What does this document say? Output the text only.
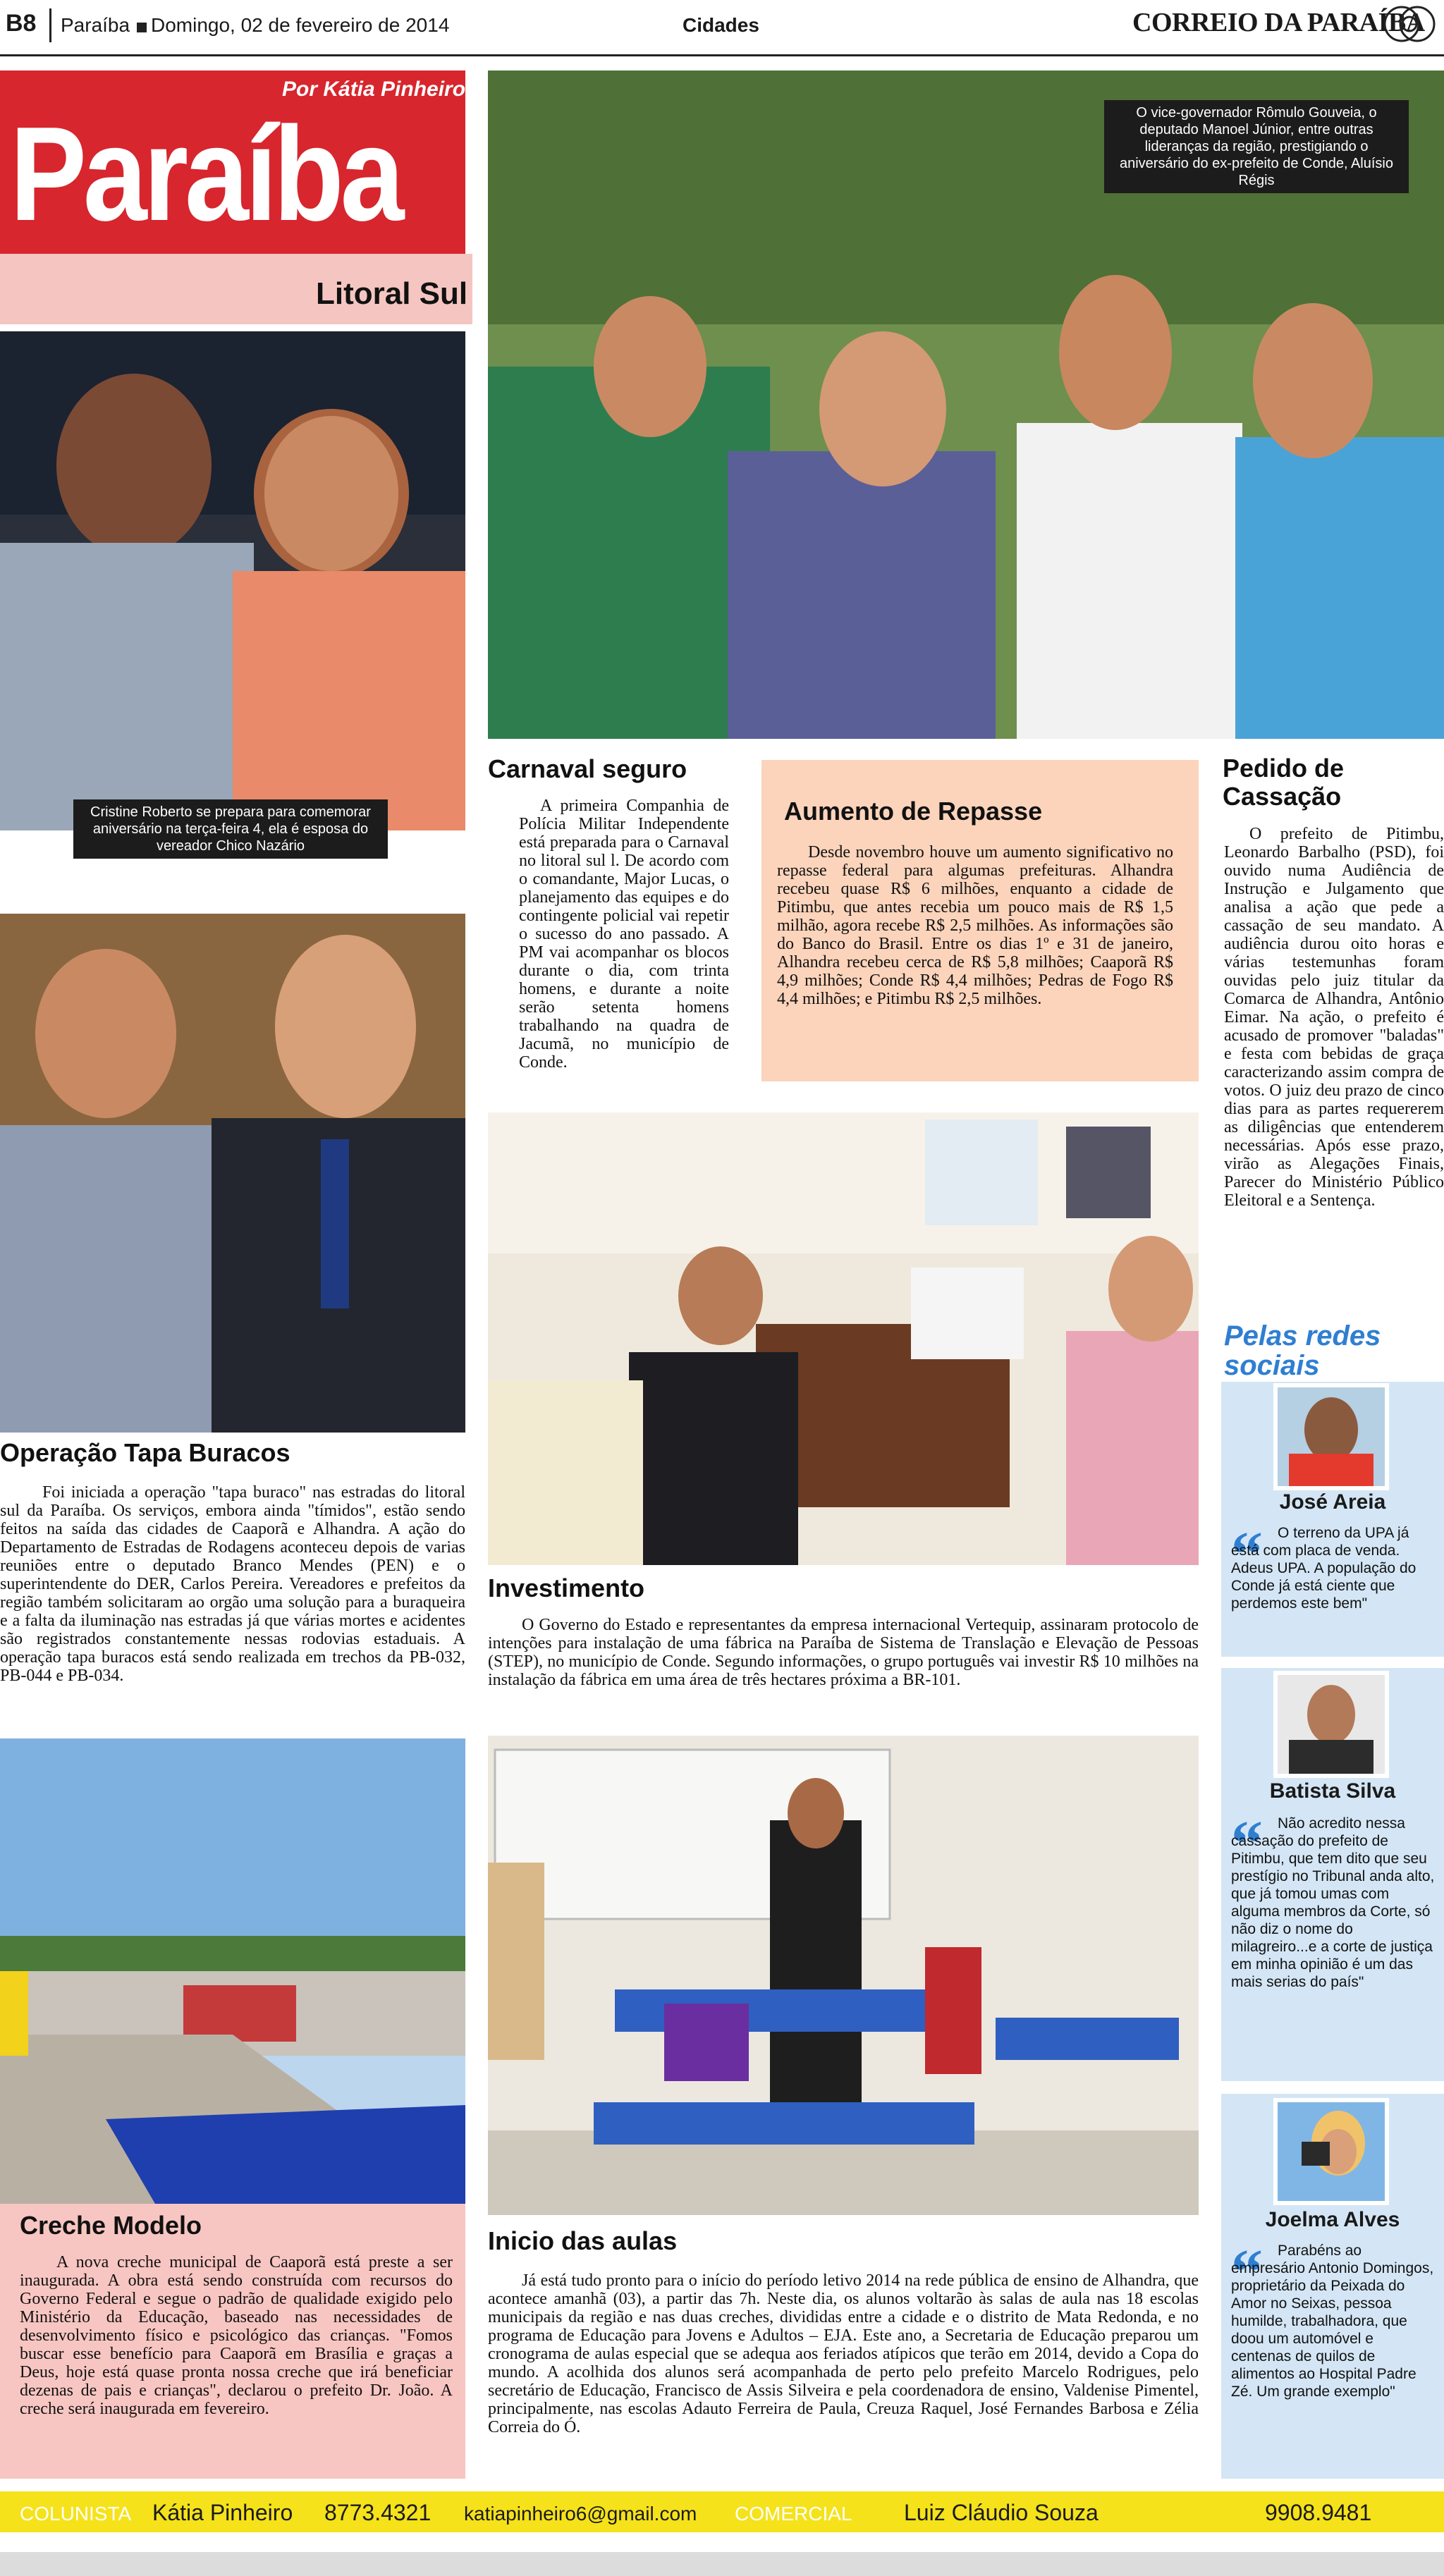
B8 Paraíba Domingo, 02 de fevereiro de 2014	Cidades	CORREIO DA PARAÍBA
Por Kátia Pinheiro
Paraíba
Litoral Sul
Cristine Roberto se prepara para comemorar aniversário na terça-feira 4, ela é esposa do vereador Chico Nazário
O vice-governador Rômulo Gouveia, o deputado Manoel Júnior, entre outras lideranças da região, prestigiando o aniversário do ex-prefeito de Conde, Aluísio Régis
Carnaval seguro
A primeira Companhia de Polícia Militar Independente está preparada para o Carnaval no litoral sul l. De acordo com o comandante, Major Lucas, o planejamento das equipes e do contingente policial vai repetir o sucesso do ano passado. A PM vai acompanhar os blocos durante o dia, com trinta homens, e durante a noite serão setenta homens trabalhando na quadra de Jacumã, no município de Conde.
Aumento de Repasse
Desde novembro houve um aumento significativo no repasse federal para algumas prefeituras. Alhandra recebeu quase R$ 6 milhões, enquanto a cidade de Pitimbu, que antes recebia um pouco mais de R$ 1,5 milhão, agora recebe R$ 2,5 milhões. As informações são do Banco do Brasil. Entre os dias 1º e 31 de janeiro, Alhandra recebeu cerca de R$ 5,8 milhões; Caaporã R$ 4,9 milhões; Conde R$ 4,4 milhões; Pedras de Fogo R$ 4,4 milhões; e Pitimbu R$ 2,5 milhões.
Pedido de Cassação
O prefeito de Pitimbu, Leonardo Barbalho (PSD), foi ouvido numa Audiência de Instrução e Julgamento que analisa a ação que pede a cassação de seu mandato. A audiência durou oito horas e várias testemunhas foram ouvidas pelo juiz titular da Comarca de Alhandra, Antônio Eimar. Na ação, o prefeito é acusado de promover "baladas" e festa com bebidas de graça caracterizando assim compra de votos. O juiz deu prazo de cinco dias para as partes requererem as diligências que entenderem necessárias. Após esse prazo, virão as Alegações Finais, Parecer do Ministério Público Eleitoral e a Sentença.
Operação Tapa Buracos
Foi iniciada a operação "tapa buraco" nas estradas do litoral sul da Paraíba. Os serviços, embora ainda "tímidos", estão sendo feitos na saída das cidades de Caaporã e Alhandra. A ação do Departamento de Estradas de Rodagens aconteceu depois de varias reuniões entre o deputado Branco Mendes (PEN) e o superintendente do DER, Carlos Pereira. Vereadores e prefeitos da região também solicitaram ao orgão uma solução para a buraqueira e a falta da iluminação nas estradas já que várias mortes e acidentes são registrados constantemente nessas rodovias estaduais. A operação tapa buracos está sendo realizada em trechos da PB-032, PB-044 e PB-034.
Investimento
O Governo do Estado e representantes da empresa internacional Vertequip, assinaram protocolo de intenções para instalação de uma fábrica na Paraíba de Sistema de Translação e Elevação de Pessoas (STEP), no município de Conde. Segundo informações, o grupo português vai investir R$ 10 milhões na instalação da fábrica em uma área de três hectares próxima a BR-101.
Creche Modelo
A nova creche municipal de Caaporã está preste a ser inaugurada. A obra está sendo construída com recursos do Governo Federal e segue o padrão de qualidade exigido pelo Ministério da Educação, baseado nas necessidades de desenvolvimento físico e psicológico das crianças. "Fomos buscar esse benefício para Caaporã em Brasília e graças a Deus, hoje está quase pronta nossa creche que irá beneficiar dezenas de pais e crianças", declarou o prefeito Dr. João. A creche será inaugurada em fevereiro.
Inicio das aulas
Já está tudo pronto para o início do período letivo 2014 na rede pública de ensino de Alhandra, que acontece amanhã (03), a partir das 7h. Neste dia, os alunos voltarão às salas de aula nas 18 escolas municipais da região e nas duas creches, divididas entre a cidade e o distrito de Mata Redonda, e no programa de Educação para Jovens e Adultos – EJA. Este ano, a Secretaria de Educação preparou um cronograma de aulas especial que se adequa aos feriados atípicos que terão em 2014, devido a Copa do mundo. A acolhida dos alunos será acompanhada de perto pelo prefeito Marcelo Rodrigues, pelo secretário de Educação, Francisco de Assis Silveira e pela coordenadora de ensino, Valdenise Pimentel, principalmente, nas escolas Adauto Ferreira de Paula, Creuza Raquel, José Fernandes Barbosa e Zélia Correia do Ó.
Pelas redes sociais
José Areia
“	O terreno da UPA já está com placa de venda. Adeus UPA. A população do Conde já está ciente que perdemos este bem"
Batista Silva
“	Não acredito nessa cassação do prefeito de Pitimbu, que tem dito que seu prestígio no Tribunal anda alto, que já tomou umas com alguma membros da Corte, só não diz o nome do milagreiro...e a corte de justiça em minha opinião é um das mais serias do país"
Joelma Alves
“	Parabéns ao empresário Antonio Domingos, proprietário da Peixada do Amor no Seixas, pessoa humilde, trabalhadora, que doou um automóvel e centenas de quilos de alimentos ao Hospital Padre Zé. Um grande exemplo"
COLUNISTA Kátia Pinheiro 8773.4321 katiapinheiro6@gmail.com COMERCIAL Luiz Cláudio Souza	9908.9481
